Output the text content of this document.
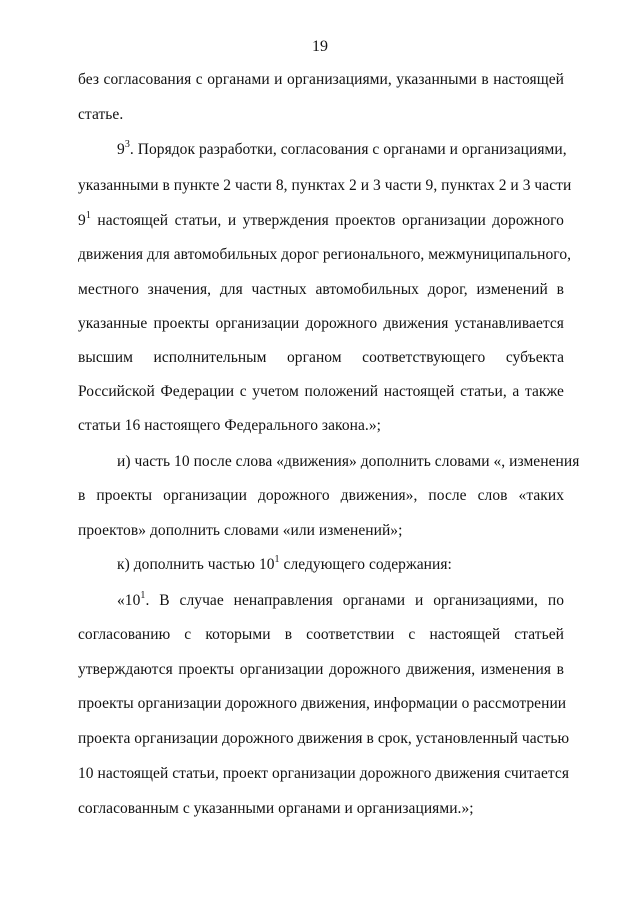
19
без согласования с органами и организациями, указанными в настоящей
статье.
$9^3$. Порядок разработки, согласования с органами и организациями,
указанными в пункте 2 части 8, пунктах 2 и 3 части 9, пунктах 2 и 3 части
$9^1$ настоящей статьи, и утверждения проектов организации дорожного
движения для автомобильных дорог регионального, межмуниципального,
местного значения, для частных автомобильных дорог, изменений в
указанные проекты организации дорожного движения устанавливается
высшим исполнительным органом соответствующего субъекта
Российской Федерации с учетом положений настоящей статьи, а также
статьи 16 настоящего Федерального закона.»;
и) часть 10 после слова «движения» дополнить словами «, изменения
в проекты организации дорожного движения», после слов «таких
проектов» дополнить словами «или изменений»;
к) дополнить частью $10^1$ следующего содержания:
«$10^1$. В случае ненаправления органами и организациями, по
согласованию с которыми в соответствии с настоящей статьей
утверждаются проекты организации дорожного движения, изменения в
проекты организации дорожного движения, информации о рассмотрении
проекта организации дорожного движения в срок, установленный частью
10 настоящей статьи, проект организации дорожного движения считается
согласованным с указанными органами и организациями.»;
